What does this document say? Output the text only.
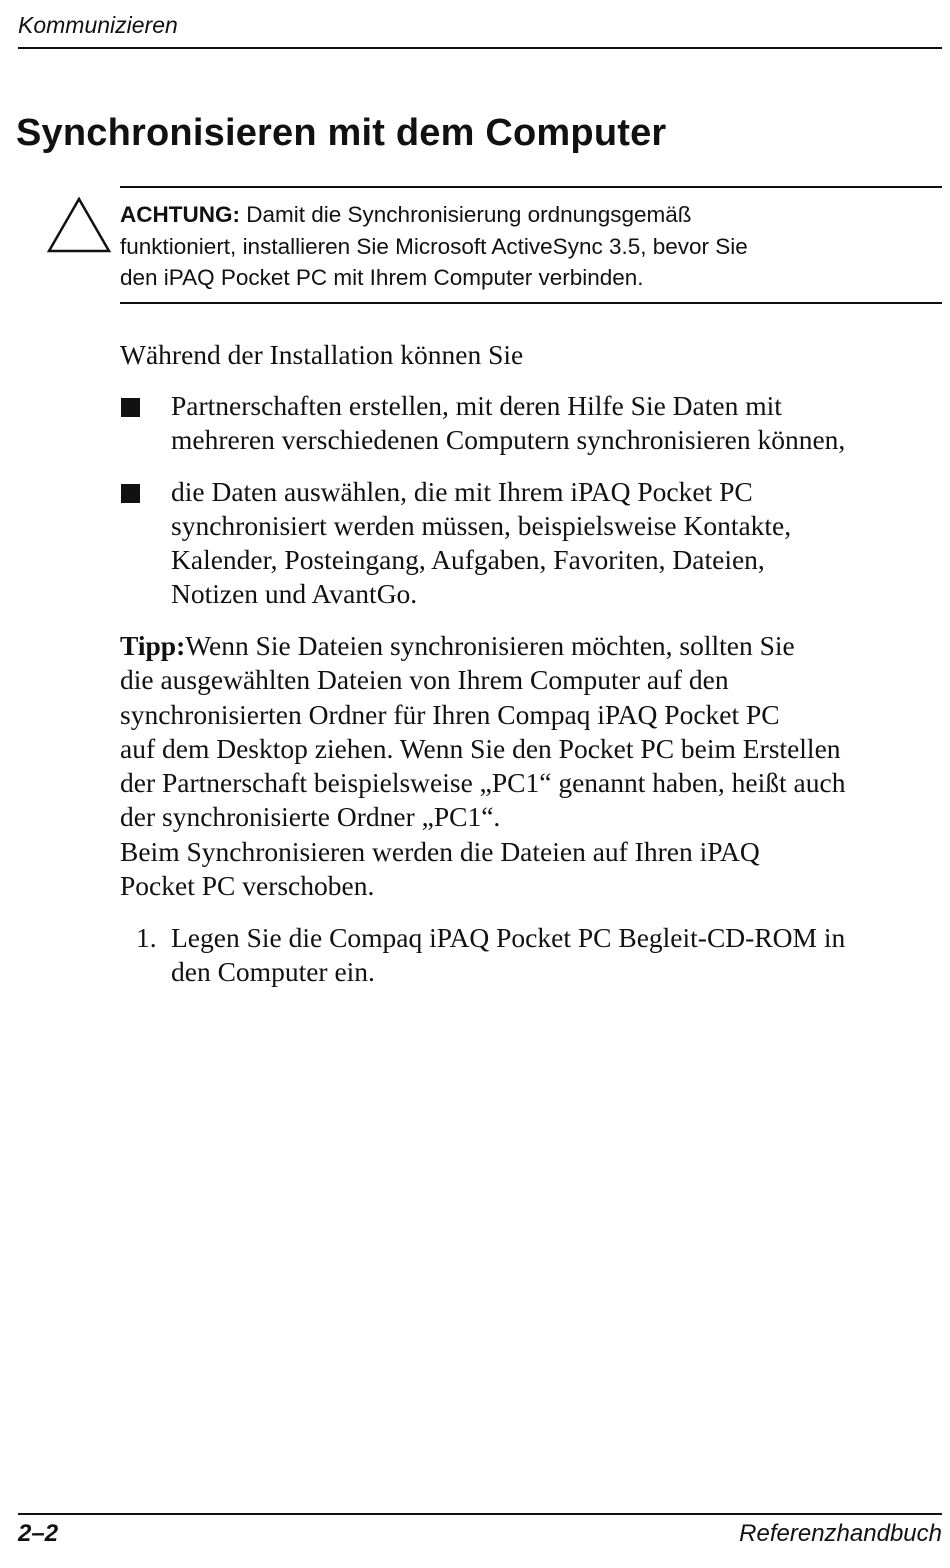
Kommunizieren
Synchronisieren mit dem Computer
ACHTUNG: Damit die Synchronisierung ordnungsgemäß
funktioniert, installieren Sie Microsoft ActiveSync 3.5, bevor Sie
den iPAQ Pocket PC mit Ihrem Computer verbinden.
Während der Installation können Sie
Partnerschaften erstellen, mit deren Hilfe Sie Daten mit
mehreren verschiedenen Computern synchronisieren können,
die Daten auswählen, die mit Ihrem iPAQ Pocket PC
synchronisiert werden müssen, beispielsweise Kontakte,
Kalender, Posteingang, Aufgaben, Favoriten, Dateien,
Notizen und AvantGo.
Tipp:Wenn Sie Dateien synchronisieren möchten, sollten Sie
die ausgewählten Dateien von Ihrem Computer auf den
synchronisierten Ordner für Ihren Compaq iPAQ Pocket PC
auf dem Desktop ziehen. Wenn Sie den Pocket PC beim Erstellen
der Partnerschaft beispielsweise „PC1“ genannt haben, heißt auch
der synchronisierte Ordner „PC1“.
Beim Synchronisieren werden die Dateien auf Ihren iPAQ
Pocket PC verschoben.
1. Legen Sie die Compaq iPAQ Pocket PC Begleit-CD-ROM in
den Computer ein.
2–2	Referenzhandbuch
